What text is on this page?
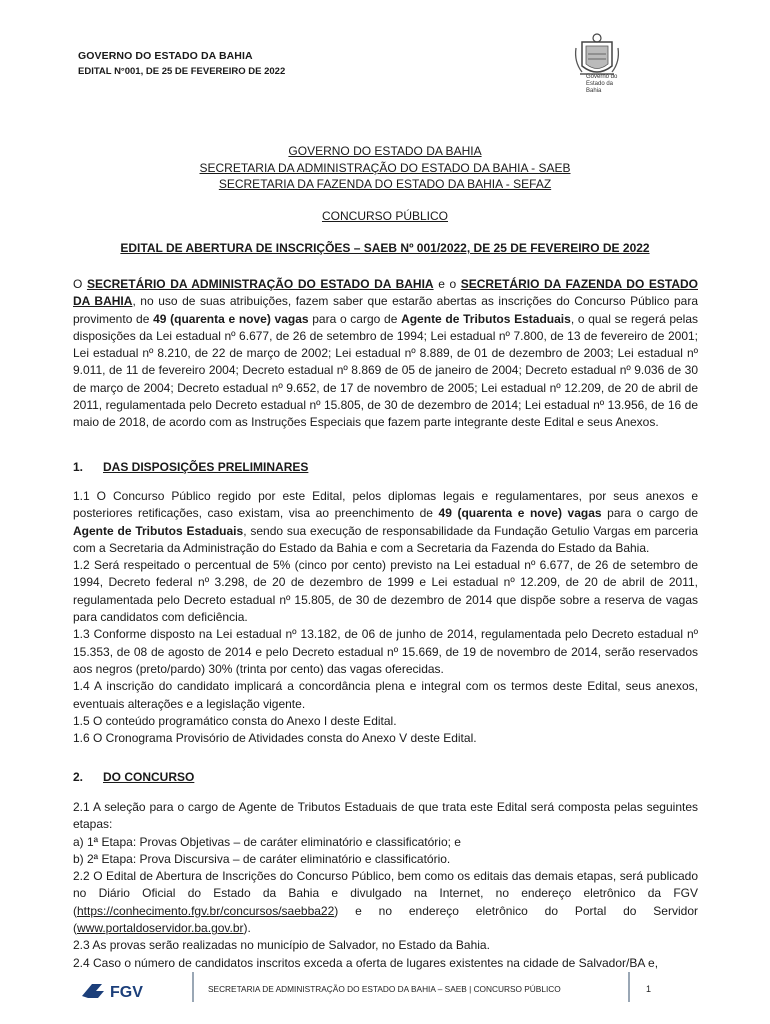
GOVERNO DO ESTADO DA BAHIA
EDITAL N°001, DE 25 DE FEVEREIRO DE 2022	Governo do
Estado da
Bahia
GOVERNO DO ESTADO DA BAHIA
SECRETARIA DA ADMINISTRAÇÃO DO ESTADO DA BAHIA - SAEB
SECRETARIA DA FAZENDA DO ESTADO DA BAHIA - SEFAZ
CONCURSO PÚBLICO
EDITAL DE ABERTURA DE INSCRIÇÕES – SAEB Nº 001/2022, DE 25 DE FEVEREIRO DE 2022
O SECRETÁRIO DA ADMINISTRAÇÃO DO ESTADO DA BAHIA e o SECRETÁRIO DA FAZENDA DO ESTADO DA BAHIA, no uso de suas atribuições, fazem saber que estarão abertas as inscrições do Concurso Público para provimento de 49 (quarenta e nove) vagas para o cargo de Agente de Tributos Estaduais, o qual se regerá pelas disposições da Lei estadual nº 6.677, de 26 de setembro de 1994; Lei estadual nº 7.800, de 13 de fevereiro de 2001; Lei estadual nº 8.210, de 22 de março de 2002; Lei estadual nº 8.889, de 01 de dezembro de 2003; Lei estadual nº 9.011, de 11 de fevereiro 2004; Decreto estadual nº 8.869 de 05 de janeiro de 2004; Decreto estadual nº 9.036 de 30 de março de 2004; Decreto estadual nº 9.652, de 17 de novembro de 2005; Lei estadual nº 12.209, de 20 de abril de 2011, regulamentada pelo Decreto estadual nº 15.805, de 30 de dezembro de 2014; Lei estadual nº 13.956, de 16 de maio de 2018, de acordo com as Instruções Especiais que fazem parte integrante deste Edital e seus Anexos.
1. DAS DISPOSIÇÕES PRELIMINARES
1.1 O Concurso Público regido por este Edital, pelos diplomas legais e regulamentares, por seus anexos e posteriores retificações, caso existam, visa ao preenchimento de 49 (quarenta e nove) vagas para o cargo de Agente de Tributos Estaduais, sendo sua execução de responsabilidade da Fundação Getulio Vargas em parceria com a Secretaria da Administração do Estado da Bahia e com a Secretaria da Fazenda do Estado da Bahia.
1.2 Será respeitado o percentual de 5% (cinco por cento) previsto na Lei estadual nº 6.677, de 26 de setembro de 1994, Decreto federal nº 3.298, de 20 de dezembro de 1999 e Lei estadual nº 12.209, de 20 de abril de 2011, regulamentada pelo Decreto estadual nº 15.805, de 30 de dezembro de 2014 que dispõe sobre a reserva de vagas para candidatos com deficiência.
1.3 Conforme disposto na Lei estadual nº 13.182, de 06 de junho de 2014, regulamentada pelo Decreto estadual nº 15.353, de 08 de agosto de 2014 e pelo Decreto estadual nº 15.669, de 19 de novembro de 2014, serão reservados aos negros (preto/pardo) 30% (trinta por cento) das vagas oferecidas.
1.4 A inscrição do candidato implicará a concordância plena e integral com os termos deste Edital, seus anexos, eventuais alterações e a legislação vigente.
1.5 O conteúdo programático consta do Anexo I deste Edital.
1.6 O Cronograma Provisório de Atividades consta do Anexo V deste Edital.
2. DO CONCURSO
2.1 A seleção para o cargo de Agente de Tributos Estaduais de que trata este Edital será composta pelas seguintes etapas:
a) 1ª Etapa: Provas Objetivas – de caráter eliminatório e classificatório; e
b) 2ª Etapa: Prova Discursiva – de caráter eliminatório e classificatório.
2.2 O Edital de Abertura de Inscrições do Concurso Público, bem como os editais das demais etapas, será publicado no Diário Oficial do Estado da Bahia e divulgado na Internet, no endereço eletrônico da FGV (https://conhecimento.fgv.br/concursos/saebba22) e no endereço eletrônico do Portal do Servidor (www.portaldoservidor.ba.gov.br).
2.3 As provas serão realizadas no município de Salvador, no Estado da Bahia.
2.4 Caso o número de candidatos inscritos exceda a oferta de lugares existentes na cidade de Salvador/BA e,
FGV	SECRETARIA DE ADMINISTRAÇÃO DO ESTADO DA BAHIA – SAEB | CONCURSO PÚBLICO	1
